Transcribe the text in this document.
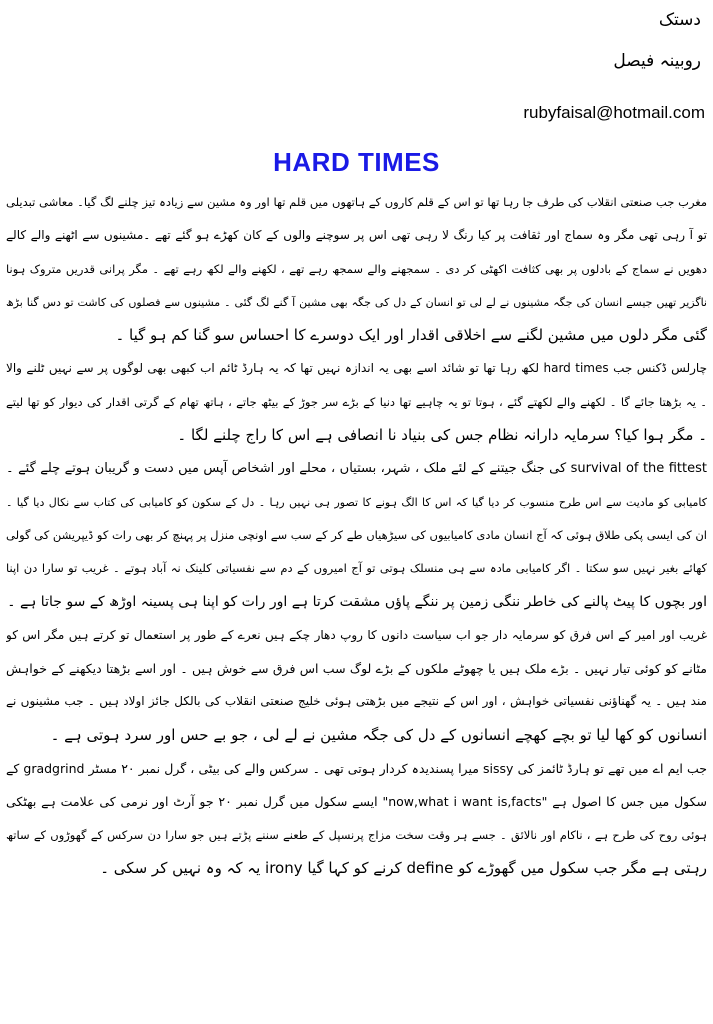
دستک
روبینہ فیصل
rubyfaisal@hotmail.com
HARD TIMES
مغرب جب صنعتی انقلاب کی طرف جا رہا تھا تو اس کے قلم کاروں کے ہاتھوں میں قلم تھا اور وہ مشین سے زیادہ تیز چلنے لگ گیا۔ معاشی تبدیلی
تو آ رہی تھی مگر وہ سماج اور ثقافت پر کیا رنگ لا رہی تھی اس پر سوچنے والوں کے کان کھڑے ہو گئے تھے ۔مشینوں سے اٹھنے والے کالے
دھویں نے سماج کے بادلوں پر بھی کثافت اکھٹی کر دی ۔ سمجھنے والے سمجھ رہے تھے ، لکھنے والے لکھ رہے تھے ۔ مگر پرانی قدریں متروک ہونا
ناگزیر تھیں جیسے انسان کی جگہ مشینوں نے لے لی تو انسان کے دل کی جگہ بھی مشین آ گنے لگ گئی ۔ مشینوں سے فصلوں کی کاشت تو دس گنا بڑھ
گئی مگر دلوں میں مشین لگنے سے اخلاقی اقدار اور ایک دوسرے کا احساس سو گنا کم ہو گیا ۔
چارلس ڈکنس جب hard times لکھ رہا تھا تو شائد اسے بھی یہ اندازہ نہیں تھا کہ یہ ہارڈ ٹائم اب کبھی بھی لوگوں پر سے نہیں ٹلنے والا
۔ یہ بڑھتا جائے گا ۔ لکھنے والے لکھتے گئے ، ہوتا تو یہ چاہیے تھا دنیا کے بڑے سر جوڑ کے بیٹھ جاتے ، ہاتھ تھام کے گرتی اقدار کی دیوار کو تھا لیتے
۔ مگر ہوا کیا؟ سرمایہ دارانہ نظام جس کی بنیاد نا انصافی ہے اس کا راج چلنے لگا ۔
survival of the fittest کی جنگ جیتنے کے لئے ملک ، شہر، بستیاں ، محلے اور اشخاص آپس میں دست و گریبان ہوتے چلے گئے ۔
کامیابی کو مادیت سے اس طرح منسوب کر دیا گیا کہ اس کا الگ ہونے کا تصور ہی نہیں رہا ۔ دل کے سکون کو کامیابی کی کتاب سے نکال دیا گیا ۔
ان کی ایسی پکی طلاق ہوئی کہ آج انسان مادی کامیابیوں کی سیڑھیاں طے کر کے سب سے اونچی منزل پر پہنچ کر بھی رات کو ڈیپریشن کی گولی
کھائے بغیر نہیں سو سکتا ۔ اگر کامیابی مادہ سے ہی منسلک ہوتی تو آج امیروں کے دم سے نفسیاتی کلینک نہ آباد ہوتے ۔ غریب تو سارا دن اپنا
اور بچوں کا پیٹ پالنے کی خاطر ننگی زمین پر ننگے پاؤں مشقت کرتا ہے اور رات کو اپنا ہی پسینہ اوڑھ کے سو جاتا ہے ۔
غریب اور امیر کے اس فرق کو سرمایہ دار جو اب سیاست دانوں کا روپ دھار چکے ہیں نعرے کے طور پر استعمال تو کرتے ہیں مگر اس کو
مٹانے کو کوئی تیار نہیں ۔ بڑے ملک ہیں یا چھوٹے ملکوں کے بڑے لوگ سب اس فرق سے خوش ہیں ۔ اور اسے بڑھتا دیکھنے کے خواہش
مند ہیں ۔ یہ گھناؤنی نفسیاتی خواہش ، اور اس کے نتیجے میں بڑھتی ہوئی خلیج صنعتی انقلاب کی بالکل جائز اولاد ہیں ۔ جب مشینوں نے
انسانوں کو کھا لیا تو بچے کھچے انسانوں کے دل کی جگہ مشین نے لے لی ، جو بے حس اور سرد ہوتی ہے ۔
جب ایم اے میں تھے تو ہارڈ ٹائمز کی sissy میرا پسندیدہ کردار ہوتی تھی ۔ سرکس والے کی بیٹی ، گرل نمبر ۲۰ مسٹر gradgrind کے
سکول میں جس کا اصول ہے "now,what i want is,facts" ایسے سکول میں گرل نمبر ۲۰ جو آرٹ اور نرمی کی علامت ہے بھٹکی
ہوئی روح کی طرح ہے ، ناکام اور نالائق ۔ جسے ہر وقت سخت مزاج پرنسپل کے طعنے سننے پڑتے ہیں جو سارا دن سرکس کے گھوڑوں کے ساتھ
رہتی ہے مگر جب سکول میں گھوڑے کو define کرنے کو کہا گیا irony یہ کہ وہ نہیں کر سکی ۔
